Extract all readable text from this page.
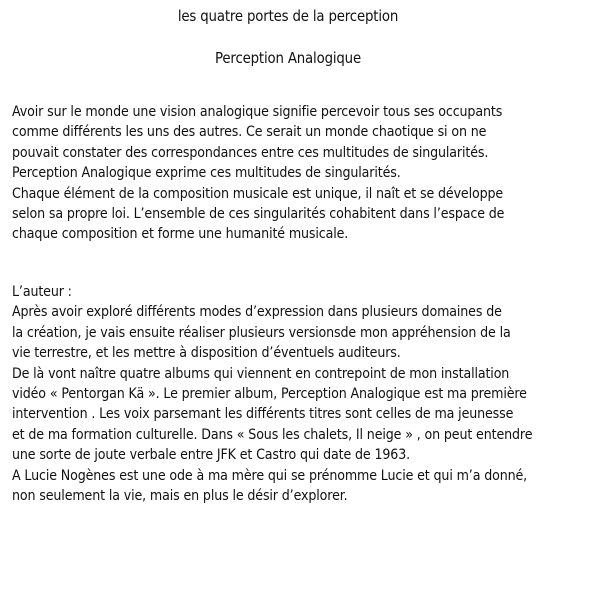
les quatre portes de la perception
Perception Analogique
Avoir sur le monde une vision analogique signifie percevoir tous ses occupants
comme différents les uns des autres. Ce serait un monde chaotique si on ne
pouvait constater des correspondances entre ces multitudes de singularités.
Perception Analogique exprime ces multitudes de singularités.
Chaque élément de la composition musicale est unique, il naît et se développe
selon sa propre loi. L’ensemble de ces singularités cohabitent dans l’espace de
chaque composition et forme une humanité musicale.
L’auteur :
Après avoir exploré différents modes d’expression dans plusieurs domaines de
la création, je vais ensuite réaliser plusieurs versionsde mon appréhension de la
vie terrestre, et les mettre à disposition d’éventuels auditeurs.
De là vont naître quatre albums qui viennent en contrepoint de mon installation
vidéo « Pentorgan Kä ». Le premier album, Perception Analogique est ma première
intervention . Les voix parsemant les différents titres sont celles de ma jeunesse
et de ma formation culturelle. Dans « Sous les chalets, Il neige » , on peut entendre
une sorte de joute verbale entre JFK et Castro qui date de 1963.
A Lucie Nogènes est une ode à ma mère qui se prénomme Lucie et qui m’a donné,
non seulement la vie, mais en plus le désir d’explorer.
